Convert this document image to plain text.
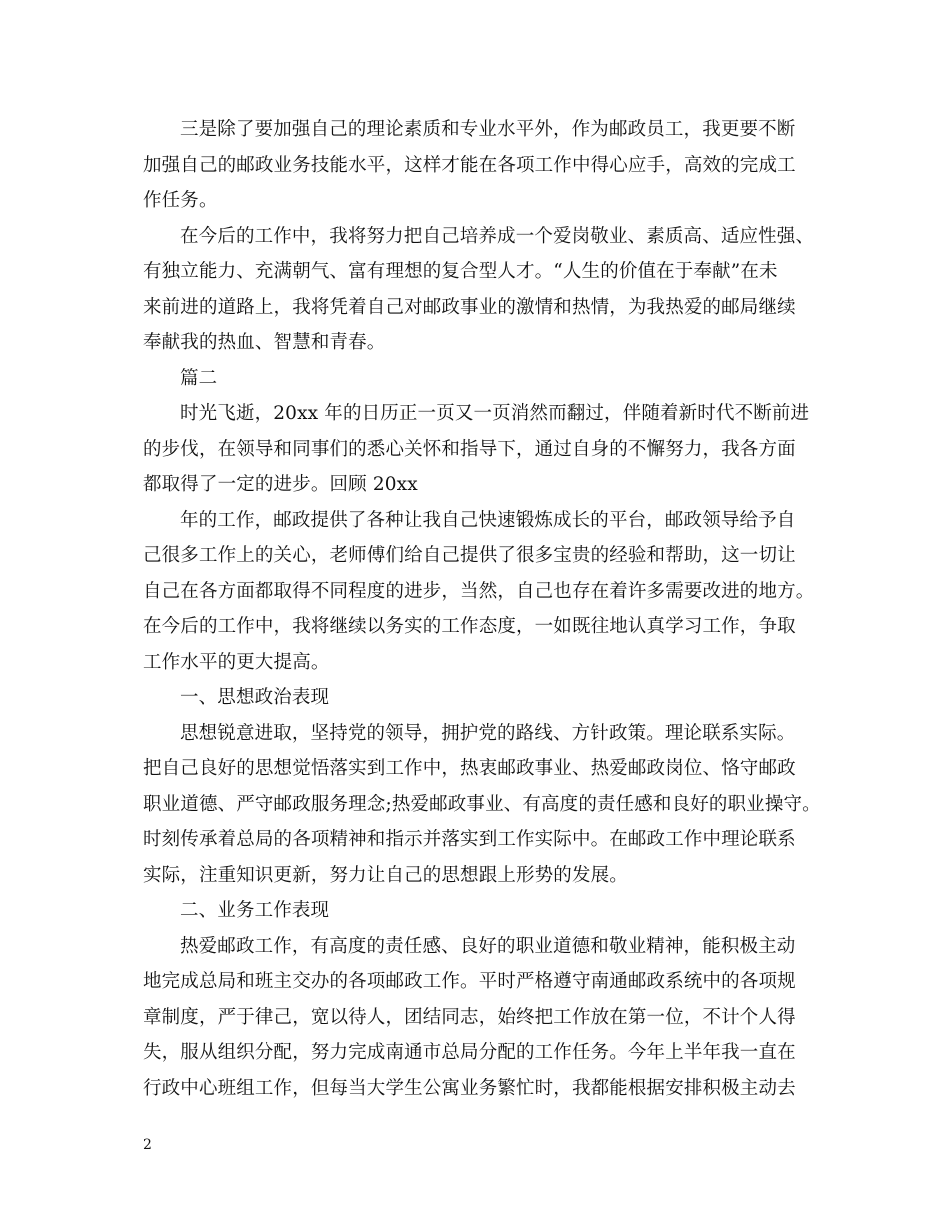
三是除了要加强自己的理论素质和专业水平外，作为邮政员工，我更要不断
加强自己的邮政业务技能水平，这样才能在各项工作中得心应手，高效的完成工
作任务。
在今后的工作中，我将努力把自己培养成一个爱岗敬业、素质高、适应性强、
有独立能力、充满朝气、富有理想的复合型人才。“人生的价值在于奉献”在未
来前进的道路上，我将凭着自己对邮政事业的激情和热情，为我热爱的邮局继续
奉献我的热血、智慧和青春。
篇二
时光飞逝，20xx 年的日历正一页又一页消然而翻过，伴随着新时代不断前进
的步伐，在领导和同事们的悉心关怀和指导下，通过自身的不懈努力，我各方面
都取得了一定的进步。回顾 20xx
年的工作，邮政提供了各种让我自己快速锻炼成长的平台，邮政领导给予自
己很多工作上的关心，老师傅们给自己提供了很多宝贵的经验和帮助，这一切让
自己在各方面都取得不同程度的进步，当然，自己也存在着许多需要改进的地方。
在今后的工作中，我将继续以务实的工作态度，一如既往地认真学习工作，争取
工作水平的更大提高。
一、思想政治表现
思想锐意进取，坚持党的领导，拥护党的路线、方针政策。理论联系实际。
把自己良好的思想觉悟落实到工作中，热衷邮政事业、热爱邮政岗位、恪守邮政
职业道德、严守邮政服务理念;热爱邮政事业、有高度的责任感和良好的职业操守。
时刻传承着总局的各项精神和指示并落实到工作实际中。在邮政工作中理论联系
实际，注重知识更新，努力让自己的思想跟上形势的发展。
二、业务工作表现
热爱邮政工作，有高度的责任感、良好的职业道德和敬业精神，能积极主动
地完成总局和班主交办的各项邮政工作。平时严格遵守南通邮政系统中的各项规
章制度，严于律己，宽以待人，团结同志，始终把工作放在第一位，不计个人得
失，服从组织分配，努力完成南通市总局分配的工作任务。今年上半年我一直在
行政中心班组工作，但每当大学生公寓业务繁忙时，我都能根据安排积极主动去
2
